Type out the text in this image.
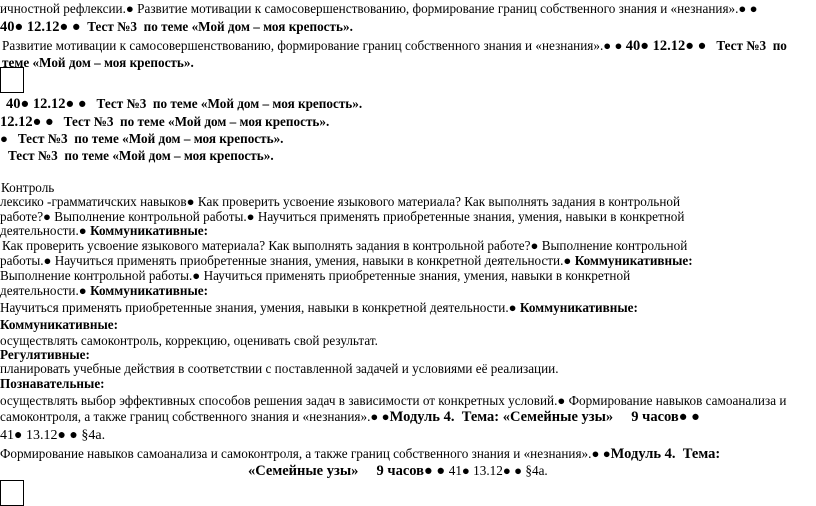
ичностной рефлексии.● Развитие мотивации к самосовершенствованию, формирование границ собственного знания и «незнания».● ●
40● 12.12● ●  Тест №3  по теме «Мой дом – моя крепость».
Развитие мотивации к самосовершенствованию, формирование границ собственного знания и «незнания».● ● 40● 12.12● ●   Тест №3  по
теме «Мой дом – моя крепость».
40● 12.12● ●   Тест №3  по теме «Мой дом – моя крепость».
12.12● ●   Тест №3  по теме «Мой дом – моя крепость».
●   Тест №3  по теме «Мой дом – моя крепость».
Тест №3  по теме «Мой дом – моя крепость».
Контроль
лексико -грамматичских навыков● Как проверить усвоение языкового материала? Как выполнять задания в контрольной
работе?● Выполнение контрольной работы.● Научиться применять приобретенные знания, умения, навыки в конкретной
деятельности.● Коммуникативные:
Как проверить усвоение языкового материала? Как выполнять задания в контрольной работе?● Выполнение контрольной
работы.● Научиться применять приобретенные знания, умения, навыки в конкретной деятельности.● Коммуникативные:
Выполнение контрольной работы.● Научиться применять приобретенные знания, умения, навыки в конкретной
деятельности.● Коммуникативные:
Научиться применять приобретенные знания, умения, навыки в конкретной деятельности.● Коммуникативные:
Коммуникативные:
осуществлять самоконтроль, коррекцию, оценивать свой результат.
Регулятивные:
планировать учебные действия в соответствии с поставленной задачей и условиями её реализации.
Познавательные:
осуществлять выбор эффективных способов решения задач в зависимости от конкретных условий.● Формирование навыков самоанализа и
самоконтроля, а также границ собственного знания и «незнания».● ●Модуль 4.  Тема: «Семейные узы»     9 часов● ●
41● 13.12● ● §4а.
Формирование навыков самоанализа и самоконтроля, а также границ собственного знания и «незнания».● ●Модуль 4.  Тема:
«Семейные узы»     9 часов● ● 41● 13.12● ● §4а.
